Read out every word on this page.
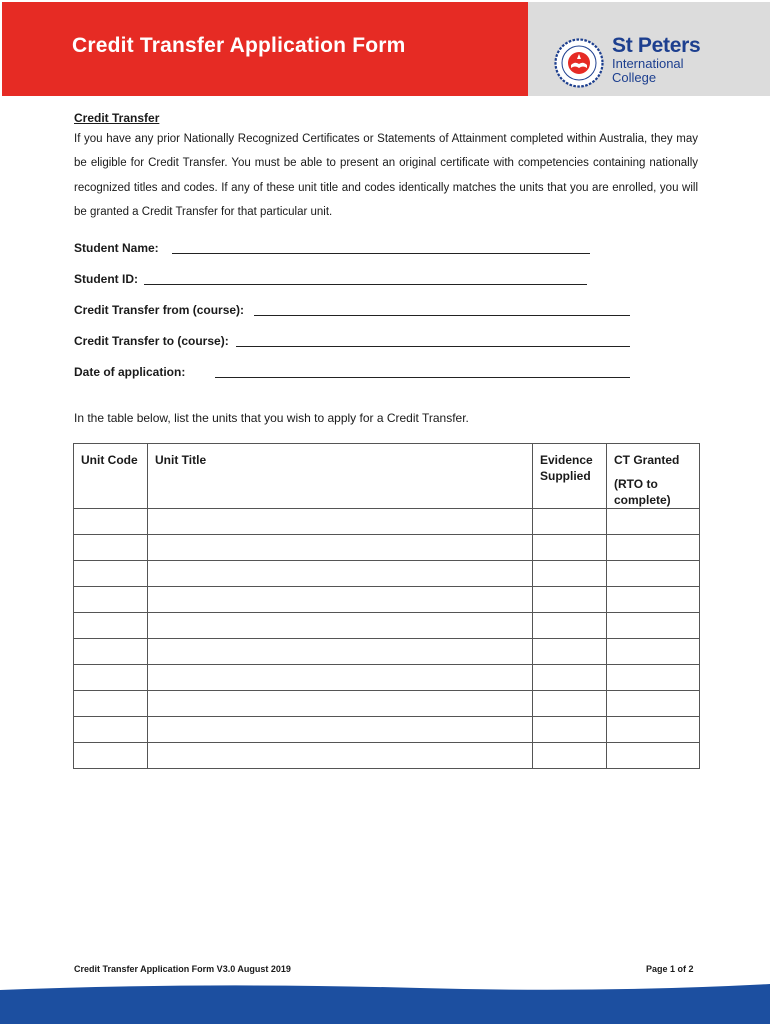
Credit Transfer Application Form	St Peters
International
College
Credit Transfer
If you have any prior Nationally Recognized Certificates or Statements of Attainment completed within Australia, they may be eligible for Credit Transfer. You must be able to present an original certificate with competencies containing nationally recognized titles and codes. If any of these unit title and codes identically matches the units that you are enrolled, you will be granted a Credit Transfer for that particular unit.
Student Name:
Student ID:
Credit Transfer from (course):
Credit Transfer to (course):
Date of application:
In the table below, list the units that you wish to apply for a Credit Transfer.
Unit Code	Unit Title	Evidence Supplied	CT Granted
(RTO to complete)

Credit Transfer Application Form V3.0 August 2019	Page 1 of 2
